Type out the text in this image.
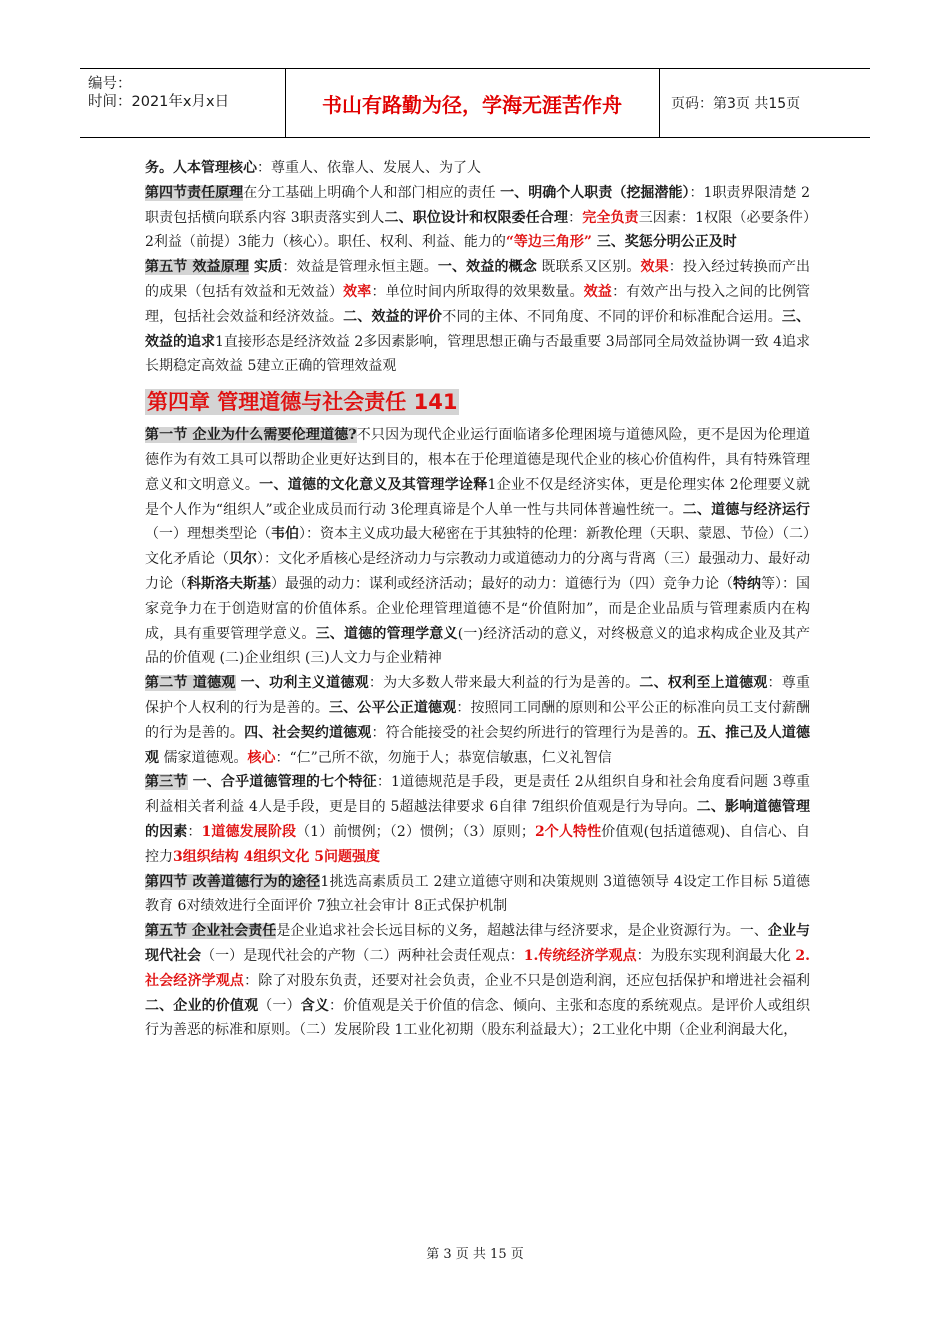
编号：
时间：2021年x月x日	书山有路勤为径，学海无涯苦作舟	页码：第3页 共15页

务。人本管理核心：尊重人、依靠人、发展人、为了人

第四节责任原理在分工基础上明确个人和部门相应的责任 一、明确个人职责（挖掘潜能）：1职责界限清楚 2职责包括横向联系内容 3职责落实到人二、职位设计和权限委任合理：完全负责三因素：1权限（必要条件）2利益（前提）3能力（核心）。职任、权利、利益、能力的“等边三角形” 三、奖惩分明公正及时

第五节 效益原理 实质：效益是管理永恒主题。一、效益的概念 既联系又区别。效果：投入经过转换而产出的成果（包括有效益和无效益）效率：单位时间内所取得的效果数量。效益：有效产出与投入之间的比例管理，包括社会效益和经济效益。二、效益的评价不同的主体、不同角度、不同的评价和标准配合运用。三、效益的追求1直接形态是经济效益 2多因素影响，管理思想正确与否最重要 3局部同全局效益协调一致 4追求长期稳定高效益 5建立正确的管理效益观

第四章 管理道德与社会责任 141

第一节 企业为什么需要伦理道德?不只因为现代企业运行面临诸多伦理困境与道德风险，更不是因为伦理道德作为有效工具可以帮助企业更好达到目的，根本在于伦理道德是现代企业的核心价值构件，具有特殊管理意义和文明意义。一、道德的文化意义及其管理学诠释1企业不仅是经济实体，更是伦理实体 2伦理要义就是个人作为“组织人”或企业成员而行动 3伦理真谛是个人单一性与共同体普遍性统一。二、道德与经济运行（一）理想类型论（韦伯）：资本主义成功最大秘密在于其独特的伦理：新教伦理（天职、蒙恩、节俭）（二）文化矛盾论（贝尔）：文化矛盾核心是经济动力与宗教动力或道德动力的分离与背离（三）最强动力、最好动力论（科斯洛夫斯基）最强的动力：谋利或经济活动；最好的动力：道德行为（四）竞争力论（特纳等）：国家竞争力在于创造财富的价值体系。企业伦理管理道德不是“价值附加”，而是企业品质与管理素质内在构成，具有重要管理学意义。三、道德的管理学意义(一)经济活动的意义，对终极意义的追求构成企业及其产品的价值观 (二)企业组织 (三)人文力与企业精神

第二节 道德观 一、功利主义道德观：为大多数人带来最大利益的行为是善的。二、权利至上道德观：尊重保护个人权利的行为是善的。三、公平公正道德观：按照同工同酬的原则和公平公正的标准向员工支付薪酬的行为是善的。四、社会契约道德观：符合能接受的社会契约所进行的管理行为是善的。五、推己及人道德观 儒家道德观。核心：“仁”己所不欲，勿施于人；恭宽信敏惠，仁义礼智信

第三节 一、合乎道德管理的七个特征：1道德规范是手段，更是责任 2从组织自身和社会角度看问题 3尊重利益相关者利益 4人是手段，更是目的 5超越法律要求 6自律 7组织价值观是行为导向。二、影响道德管理的因素：1道德发展阶段（1）前惯例；（2）惯例；（3）原则；2个人特性价值观(包括道德观)、自信心、自控力3组织结构 4组织文化 5问题强度

第四节 改善道德行为的途径1挑选高素质员工 2建立道德守则和决策规则 3道德领导 4设定工作目标 5道德教育 6对绩效进行全面评价 7独立社会审计 8正式保护机制

第五节 企业社会责任是企业追求社会长远目标的义务，超越法律与经济要求，是企业资源行为。一、企业与现代社会（一）是现代社会的产物（二）两种社会责任观点：1.传统经济学观点：为股东实现利润最大化 2.社会经济学观点：除了对股东负责，还要对社会负责，企业不只是创造利润，还应包括保护和增进社会福利 二、企业的价值观（一）含义：价值观是关于价值的信念、倾向、主张和态度的系统观点。是评价人或组织行为善恶的标准和原则。（二）发展阶段 1工业化初期（股东利益最大）；2工业化中期（企业利润最大化，

第 3 页 共 15 页
